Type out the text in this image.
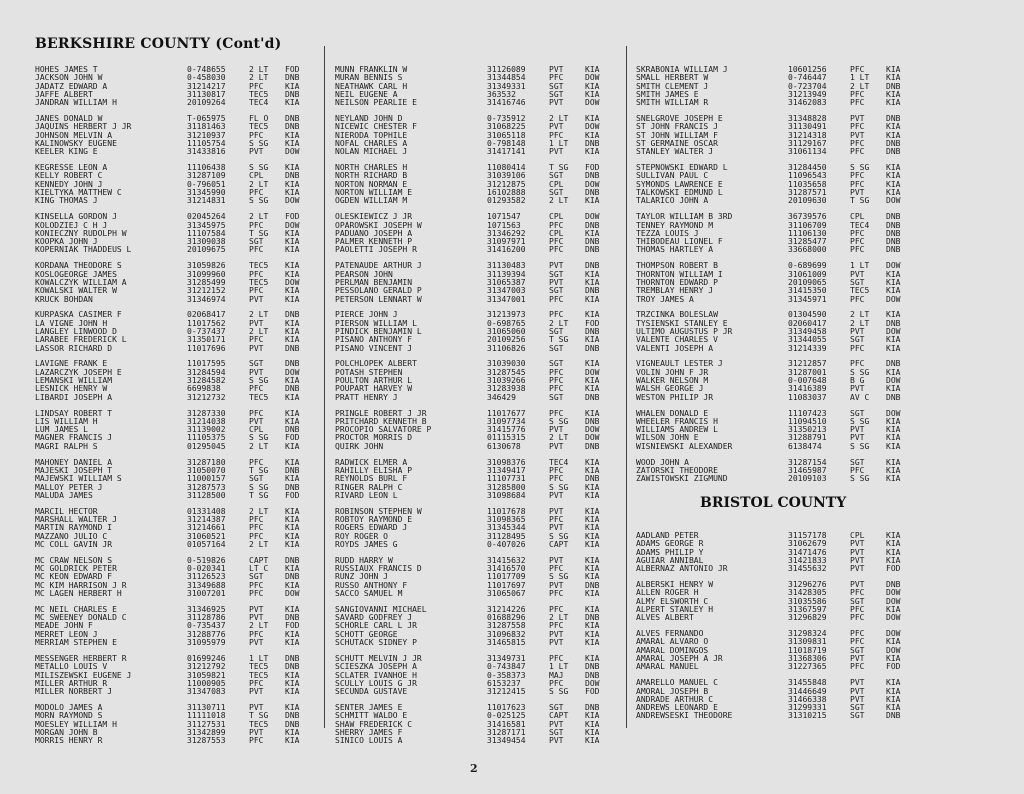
BERKSHIRE COUNTY (Cont'd)
HOHES JAMES T	0-748655	2 LT	FOD
JACKSON JOHN W	0-458030	2 LT	DNB
JADATZ EDWARD A	31214217	PFC	KIA
JAFFE ALBERT	31130817	TEC5	DNB
JANDRAN WILLIAM H	20109264	TEC4	KIA
JANES DONALD W	T-065975	FL O	DNB
JAQUINS HERBERT J JR	31181463	TEC5	DNB
JOHNSON MELVIN A	31210937	PFC	KIA
KALINOWSKY EUGENE	11105754	S SG	KIA
KEELER KING E	31433816	PVT	DOW
KEGRESSE LEON A	11106438	S SG	KIA
KELLY ROBERT C	31287109	CPL	DNB
KENNEDY JOHN J	0-796051	2 LT	KIA
KIELTYKA MATTHEW C	31345990	PFC	KIA
KING THOMAS J	31214831	S SG	DOW
KINSELLA GORDON J	02045264	2 LT	FOD
KOLODZIEJ C H J	31345975	PFC	DOW
KONIECZNY RUDOLPH W	11107584	T SG	KIA
KOOPKA JOHN J	31309038	SGT	KIA
KOPERNIAK THADDEUS L	20109675	PFC	KIA
KORDANA THEODORE S	31059826	TEC5	KIA
KOSLOGEORGE JAMES	31099960	PFC	KIA
KOWALCZYK WILLIAM A	31285499	TEC5	DOW
KOWALSKI WALTER W	31212152	PFC	KIA
KRUCK BOHDAN	31346974	PVT	KIA
KURPASKA CASIMER F	02068417	2 LT	DNB
LA VIGNE JOHN H	11017562	PVT	KIA
LANGLEY LINWOOD D	0-737437	2 LT	KIA
LARABEE FREDERICK L	31350171	PFC	KIA
LASSOR RICHARD D	11017696	PVT	DNB
LAVIGNE FRANK E	11017595	SGT	DNB
LAZARCZYK JOSEPH E	31284594	PVT	DOW
LEMANSKI WILLIAM	31284582	S SG	KIA
LESNICK HENRY W	6699838	PFC	DNB
LIBARDI JOSEPH A	31212732	TEC5	KIA
LINDSAY ROBERT T	31287330	PFC	KIA
LIS WILLIAM H	31214038	PVT	KIA
LUM JAMES L	31139002	CPL	DNB
MAGNER FRANCIS J	11105375	S SG	FOD
MAGRI RALPH S	01295045	2 LT	KIA
MAHONEY DANIEL A	31287180	PFC	KIA
MAJESKI JOSEPH T	31050070	T SG	DNB
MAJEWSKI WILLIAM S	11000157	SGT	KIA
MALLOY PETER J	31287573	S SG	DNB
MALUDA JAMES	31128500	T SG	FOD
MARCIL HECTOR	01331408	2 LT	KIA
MARSHALL WALTER J	31214387	PFC	KIA
MARTIN RAYMOND I	31214661	PFC	KIA
MAZZANO JULIO C	31060521	PFC	KIA
MC COLL GAVIN JR	01057164	2 LT	KIA
MC CRAW NELSON S	0-519826	CAPT	DNB
MC GOLDRICK PETER	0-020341	LT C	KIA
MC KEON EDWARD F	31126523	SGT	DNB
MC KIM HARRISON J R	31349688	PFC	KIA
MC LAGEN HERBERT H	31007201	PFC	DOW
MC NEIL CHARLES E	31346925	PVT	KIA
MC SWEENEY DONALD C	31128786	PVT	DNB
MEADE JOHN F	0-735437	2 LT	FOD
MERRET LEON J	31288776	PFC	KIA
MERRIAM STEPHEN E	31095979	PVT	KIA
MESSENGER HERBERT R	01699246	1 LT	DNB
METALLO LOUIS V	31212792	TEC5	DNB
MILISZEWSKI EUGENE J	31059821	TEC5	KIA
MILLER ARTHUR R	11000905	PFC	KIA
MILLER NORBERT J	31347083	PVT	KIA
MODOLO JAMES A	31130711	PVT	KIA
MORN RAYMOND S	11111018	T SG	DNB
MOESLEY WILLIAM H	31127531	TEC5	DNB
MORGAN JOHN B	31342899	PVT	KIA
MORRIS HENRY R	31287553	PFC	KIA
MUNN FRANKLIN W	31126089	PVT	KIA
MURAN BENNIS S	31344854	PFC	DOW
NEATHAWK CARL H	31349331	SGT	KIA
NEIL EUGENE A	363532	SGT	KIA
NEILSON PEARLIE E	31416746	PVT	DOW
NEYLAND JOHN D	0-735912	2 LT	KIA
NICEWIC CHESTER F	31068225	PVT	DOW
NIERODA TOPHILE	31065118	PFC	KIA
NOFAL CHARLES A	0-798148	1 LT	DNB
NOLAN MICHAEL J	31417141	PVT	KIA
NORTH CHARLES H	11080414	T SG	FOD
NORTH RICHARD B	31039106	SGT	DNB
NORTON NORMAN E	31212875	CPL	DOW
NORTON WILLIAM E	16102888	SGT	DNB
OGDEN WILLIAM M	01293582	2 LT	KIA
OLESKIEWICZ J JR	1071547	CPL	DOW
OPAROWSKI JOSEPH W	1071563	PFC	DNB
PADUANO JOSEPH A	31346292	CPL	KIA
PALMER KENNETH P	31097971	PFC	DNB
PAOLETTI JOSEPH R	31416200	PFC	DNB
PATENAUDE ARTHUR J	31130483	PVT	DNB
PEARSON JOHN	31139394	SGT	KIA
PERLMAN BENJAMIN	31065387	PVT	KIA
PESSOLANO GERALD P	31347003	SGT	DNB
PETERSON LENNART W	31347001	PFC	KIA
PIERCE JOHN J	31213973	PFC	KIA
PIERSON WILLIAM L	0-698765	2 LT	FOD
PINDICK BENJAMIN L	31065060	SGT	DNB
PISANO ANTHONY F	20109256	T SG	KIA
PISANO VINCENT J	31106826	SGT	DNB
POLCHLOPEK ALBERT	31039030	SGT	KIA
POTASH STEPHEN	31287545	PFC	DOW
POULTON ARTHUR L	31039266	PFC	KIA
POUPART HARVEY W	31283938	PFC	KIA
PRATT HENRY J	346429	SGT	DNB
PRINGLE ROBERT J JR	11017677	PFC	KIA
PRITCHARD KENNETH B	31097734	S SG	DNB
PROCOPIO SALVATORE P	31415776	PVT	DOW
PROCTOR MORRIS D	01115315	2 LT	DOW
QUIRK JOHN	6130678	PVT	DNB
RADWICK ELMER A	31098376	TEC4	KIA
RAHILLY ELISHA P	31349417	PFC	KIA
REYNOLDS BURL F	11107731	PFC	DNB
RINGER RALPH C	31285800	S SG	KIA
RIVARD LEON L	31098684	PVT	KIA
ROBINSON STEPHEN W	11017678	PVT	KIA
ROBTOY RAYMOND E	31098365	PFC	KIA
ROGERS EDWARD J	31345344	PVT	KIA
ROY ROGER O	31128495	S SG	KIA
ROYDS JAMES G	0-407026	CAPT	KIA
RUDD HARRY W	31415632	PVT	KIA
RUSSIAUX FRANCIS D	31416570	PFC	KIA
RUNZ JOHN J	11017709	S SG	KIA
RUSSO ANTHONY F	11017697	PVT	DNB
SACCO SAMUEL M	31065067	PFC	KIA
SANGIOVANNI MICHAEL	31214226	PFC	KIA
SAVARD GODFREY J	01688296	2 LT	DNB
SCHORLE CARL L JR	31287558	PFC	KIA
SCHOTT GEORGE	31096832	PVT	KIA
SCHUTACK SIDNEY P	31465815	PVT	KIA
SCHUTT MELVIN J JR	31349731	PFC	KIA
SCIESZKA JOSEPH A	0-743847	1 LT	DNB
SCLATER IVANHOE H	0-358373	MAJ	DNB
SCULLY LOUIS G JR	6153237	PFC	DOW
SECUNDA GUSTAVE	31212415	S SG	FOD
SENTER JAMES E	11017623	SGT	DNB
SCHMITT WALDO E	0-025125	CAPT	KIA
SHAW FREDERICK C	31416581	PVT	KIA
SHERRY JAMES F	31287171	SGT	KIA
SINICO LOUIS A	31349454	PVT	KIA
SKRABONIA WILLIAM J	10601256	PFC	KIA
SMALL HERBERT W	0-746447	1 LT	KIA
SMITH CLEMENT J	0-723704	2 LT	DNB
SMITH JAMES E	31213949	PFC	KIA
SMITH WILLIAM R	31462083	PFC	KIA
SNELGROVE JOSEPH E	31348828	PVT	DNB
ST JOHN FRANCIS J	31130491	PFC	KIA
ST JOHN WILLIAM F	31214318	PVT	KIA
ST GERMAINE OSCAR	31129167	PFC	DNB
STANLEY WALTER J	31061134	PFC	DNB
STEPNOWSKI EDWARD L	31284450	S SG	KIA
SULLIVAN PAUL C	11096543	PFC	KIA
SYMONDS LAWRENCE E	11035658	PFC	KIA
TALKOWSKI EDMUND L	31287571	PVT	KIA
TALARICO JOHN A	20109630	T SG	DOW
TAYLOR WILLIAM B 3RD	36739576	CPL	DNB
TENNEY RAYMOND M	31106709	TEC4	DNB
TEZZA LOUIS J	11106130	PFC	DNB
THIBODEAU LIONEL F	31285477	PFC	DNB
THOMAS HARTLEY A	33668000	PFC	DNB
THOMPSON ROBERT B	0-689699	1 LT	DOW
THORNTON WILLIAM I	31061009	PVT	KIA
THORNTON EDWARD P	20109065	SGT	KIA
TREMBLAY HENRY J	31415350	TEC5	KIA
TROY JAMES A	31345971	PFC	DOW
TRZCINKA BOLESLAW	01304590	2 LT	KIA
TYSIENSKI STANLEY E	02060417	2 LT	DNB
ULTIMO AUGUSTUS P JR	31349458	PVT	DOW
VALENTE CHARLES V	31344055	SGT	KIA
VALENTI JOSEPH A	31214339	PFC	KIA
VIGNEAULT LESTER J	31212857	PFC	DNB
VOLIN JOHN F JR	31287001	S SG	KIA
WALKER NELSON M	0-007648	B G	DOW
WALSH GEORGE J	31416389	PVT	KIA
WESTON PHILIP JR	11083037	AV C	DNB
WHALEN DONALD E	11107423	SGT	DOW
WHEELER FRANCIS H	11094510	S SG	KIA
WILLIAMS ANDREW L	31350213	PVT	KIA
WILSON JOHN E	31288791	PVT	KIA
WISNIEWSKI ALEXANDER	6138474	S SG	KIA
WOOD JOHN A	31287154	SGT	KIA
ZATORSKI THEODORE	31465987	PFC	KIA
ZAWISTOWSKI ZIGMUND	20109103	S SG	KIA
BRISTOL COUNTY
AADLAND PETER	31157178	CPL	KIA
ADAMS GEORGE R	31062679	PVT	KIA
ADAMS PHILIP Y	31471476	PVT	KIA
AGUIAR ANNIBAL	31421833	PVT	KIA
ALBERNAZ ANTONIO JR	31455632	PVT	FOD
ALBERSKI HENRY W	31296276	PVT	DNB
ALLEN ROGER H	31428305	PFC	DOW
ALMY ELSWORTH C	31035586	SGT	DOW
ALPERT STANLEY H	31367597	PFC	KIA
ALVES ALBERT	31296829	PFC	DOW
ALVES FERNANDO	31298324	PFC	DOW
AMARAL ALVARO O	31309831	PFC	KIA
AMARAL DOMINGOS	11018719	SGT	DOW
AMARAL JOSEPH A JR	31368306	PVT	KIA
AMARAL MANUEL	31227365	PFC	FOD
AMARELLO MANUEL C	31455848	PVT	KIA
AMORAL JOSEPH B	31446649	PVT	KIA
ANDRADE ARTHUR C	31466338	PVT	KIA
ANDREWS LEONARD E	31299331	SGT	KIA
ANDREWSESKI THEODORE	31310215	SGT	DNB
2
